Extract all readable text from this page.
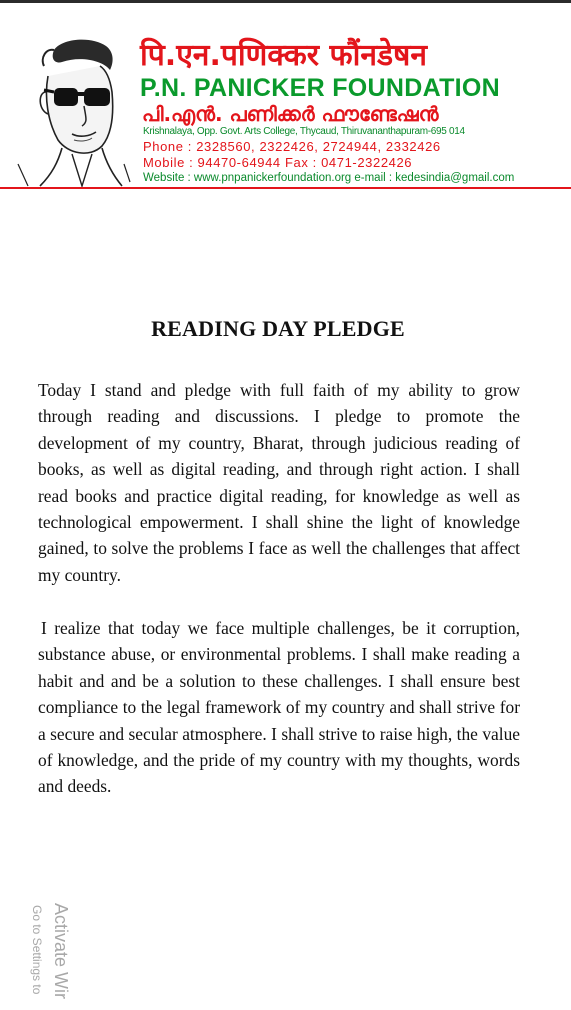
पि.एन.पणिक्कर फौंनडेषन
P.N. PANICKER FOUNDATION
പി.എൻ. പണിക്കർ ഫൗണ്ടേഷൻ
Krishnalaya, Opp. Govt. Arts College, Thycaud, Thiruvananthapuram-695 014
Phone : 2328560, 2322426, 2724944, 2332426
Mobile : 94470-64944 Fax : 0471-2322426
Website : www.pnpanickerfoundation.org e-mail : kedesindia@gmail.com
READING DAY PLEDGE

Today I stand and pledge with full faith of my ability to grow through reading and discussions. I pledge to promote the development of my country, Bharat, through judicious reading of books, as well as digital reading, and through right action. I shall read books and practice digital reading, for knowledge as well as technological empowerment. I shall shine the light of knowledge gained, to solve the problems I face as well the challenges that affect my country.

I realize that today we face multiple challenges, be it corruption, substance abuse, or environmental problems. I shall make reading a habit and and be a solution to these challenges. I shall ensure best compliance to the legal framework of my country and shall strive for a secure and secular atmosphere. I shall strive to raise high, the value of knowledge, and the pride of my country with my thoughts, words and deeds.

Activate Wir
Go to Settings to
